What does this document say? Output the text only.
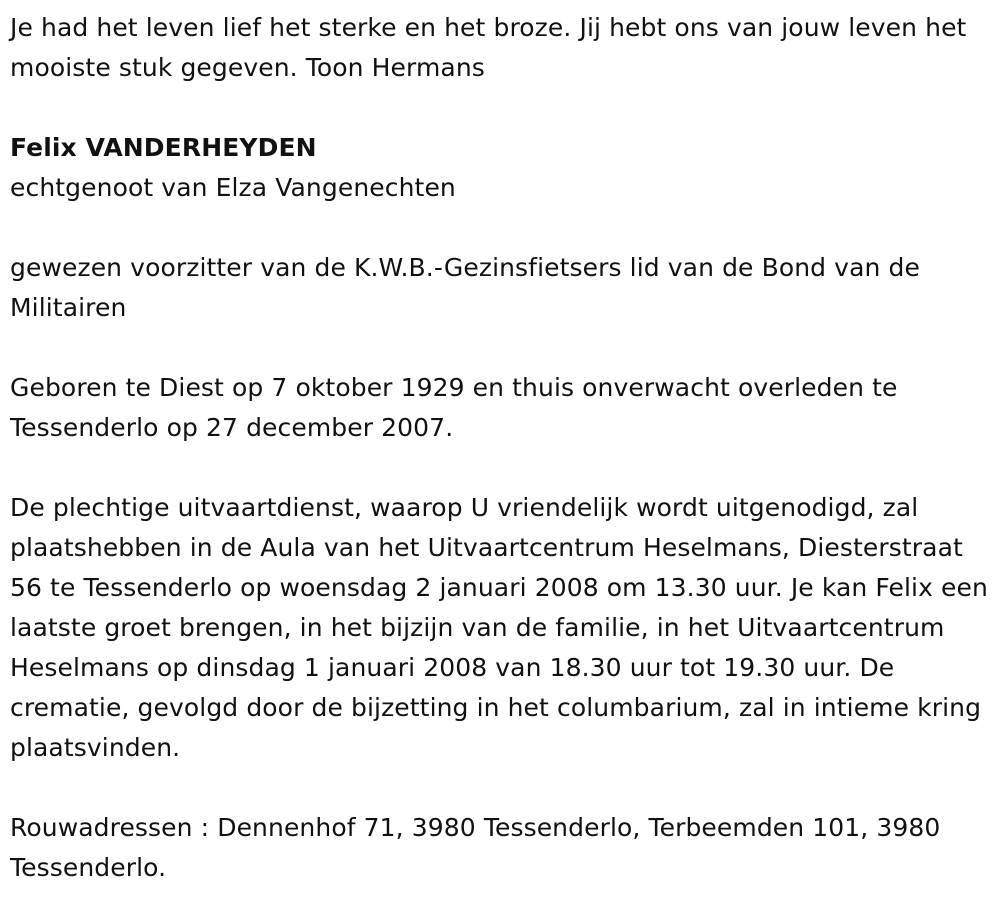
Je had het leven lief het sterke en het broze. Jij hebt ons van jouw leven het mooiste stuk gegeven. Toon Hermans

Felix VANDERHEYDEN

echtgenoot van Elza Vangenechten

gewezen voorzitter van de K.W.B.-Gezinsfietsers lid van de Bond van de Militairen

Geboren te Diest op 7 oktober 1929 en thuis onverwacht overleden te Tessenderlo op 27 december 2007.

De plechtige uitvaartdienst, waarop U vriendelijk wordt uitgenodigd, zal plaatshebben in de Aula van het Uitvaartcentrum Heselmans, Diesterstraat 56 te Tessenderlo op woensdag 2 januari 2008 om 13.30 uur. Je kan Felix een laatste groet brengen, in het bijzijn van de familie, in het Uitvaartcentrum Heselmans op dinsdag 1 januari 2008 van 18.30 uur tot 19.30 uur. De crematie, gevolgd door de bijzetting in het columbarium, zal in intieme kring plaatsvinden.

Rouwadressen : Dennenhof 71, 3980 Tessenderlo, Terbeemden 101, 3980 Tessenderlo.
